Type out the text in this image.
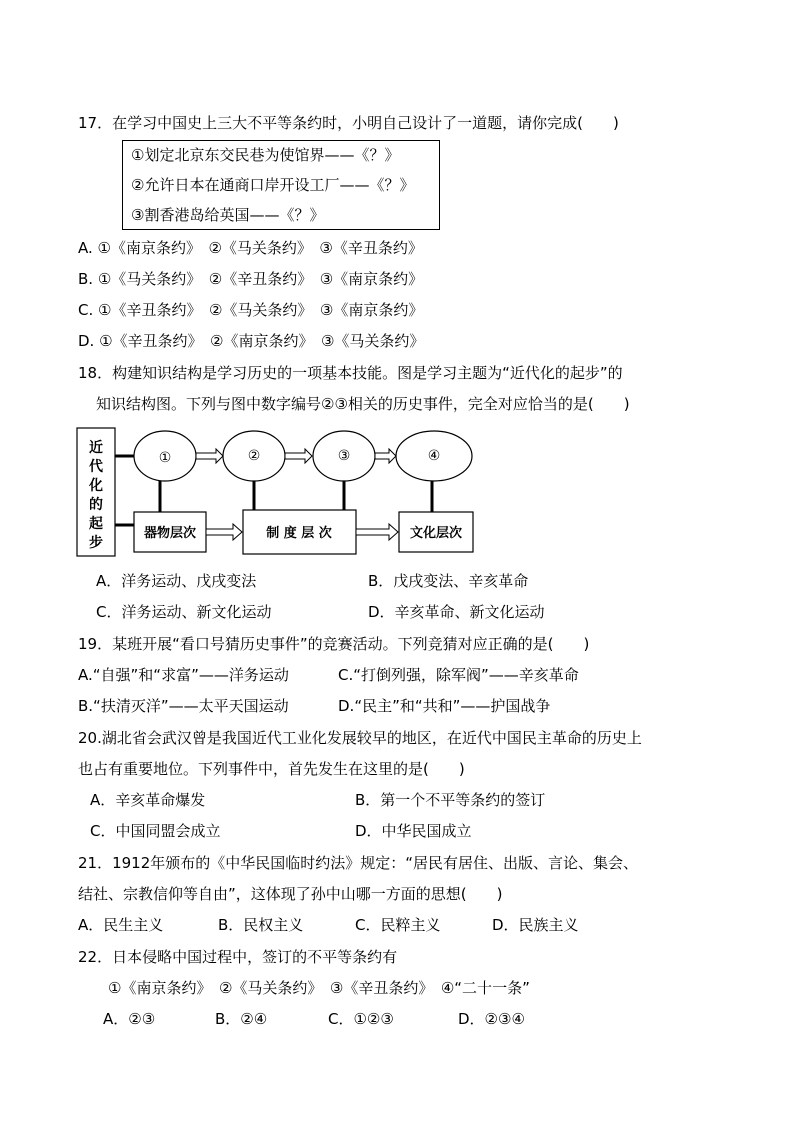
17．在学习中国史上三大不平等条约时，小明自己设计了一道题，请你完成(　　)
①划定北京东交民巷为使馆界——《？》
②允许日本在通商口岸开设工厂——《？》
③割香港岛给英国——《？》
A. ①《南京条约》　②《马关条约》　③《辛丑条约》
B. ①《马关条约》　②《辛丑条约》　③《南京条约》
C. ①《辛丑条约》　②《马关条约》　③《南京条约》
D. ①《辛丑条约》　②《南京条约》　③《马关条约》
18．构建知识结构是学习历史的一项基本技能。图是学习主题为“近代化的起步”的
知识结构图。下列与图中数字编号②③相关的历史事件，完全对应恰当的是(　　)
近
代
化
的
起
步
①	②	③	④
器物层次	制 度 层 次	文化层次
A．洋务运动、戊戌变法	B．戊戌变法、辛亥革命
C．洋务运动、新文化运动	D．辛亥革命、新文化运动
19．某班开展“看口号猜历史事件”的竞赛活动。下列竞猜对应正确的是(　　)
A.“自强”和“求富”——洋务运动	C.“打倒列强，除军阀”——辛亥革命
B.“扶清灭洋”——太平天国运动	D.“民主”和“共和”——护国战争
20.湖北省会武汉曾是我国近代工业化发展较早的地区，在近代中国民主革命的历史上
也占有重要地位。下列事件中，首先发生在这里的是(　　)
A．辛亥革命爆发	B．第一个不平等条约的签订
C．中国同盟会成立	D．中华民国成立
21．1912年颁布的《中华民国临时约法》规定：“居民有居住、出版、言论、集会、
结社、宗教信仰等自由”，这体现了孙中山哪一方面的思想(　　)
A．民生主义	B．民权主义	C．民粹主义	D．民族主义
22．日本侵略中国过程中，签订的不平等条约有
①《南京条约》　②《马关条约》　③《辛丑条约》　④“二十一条”
A．②③	B．②④	C．①②③	D．②③④
